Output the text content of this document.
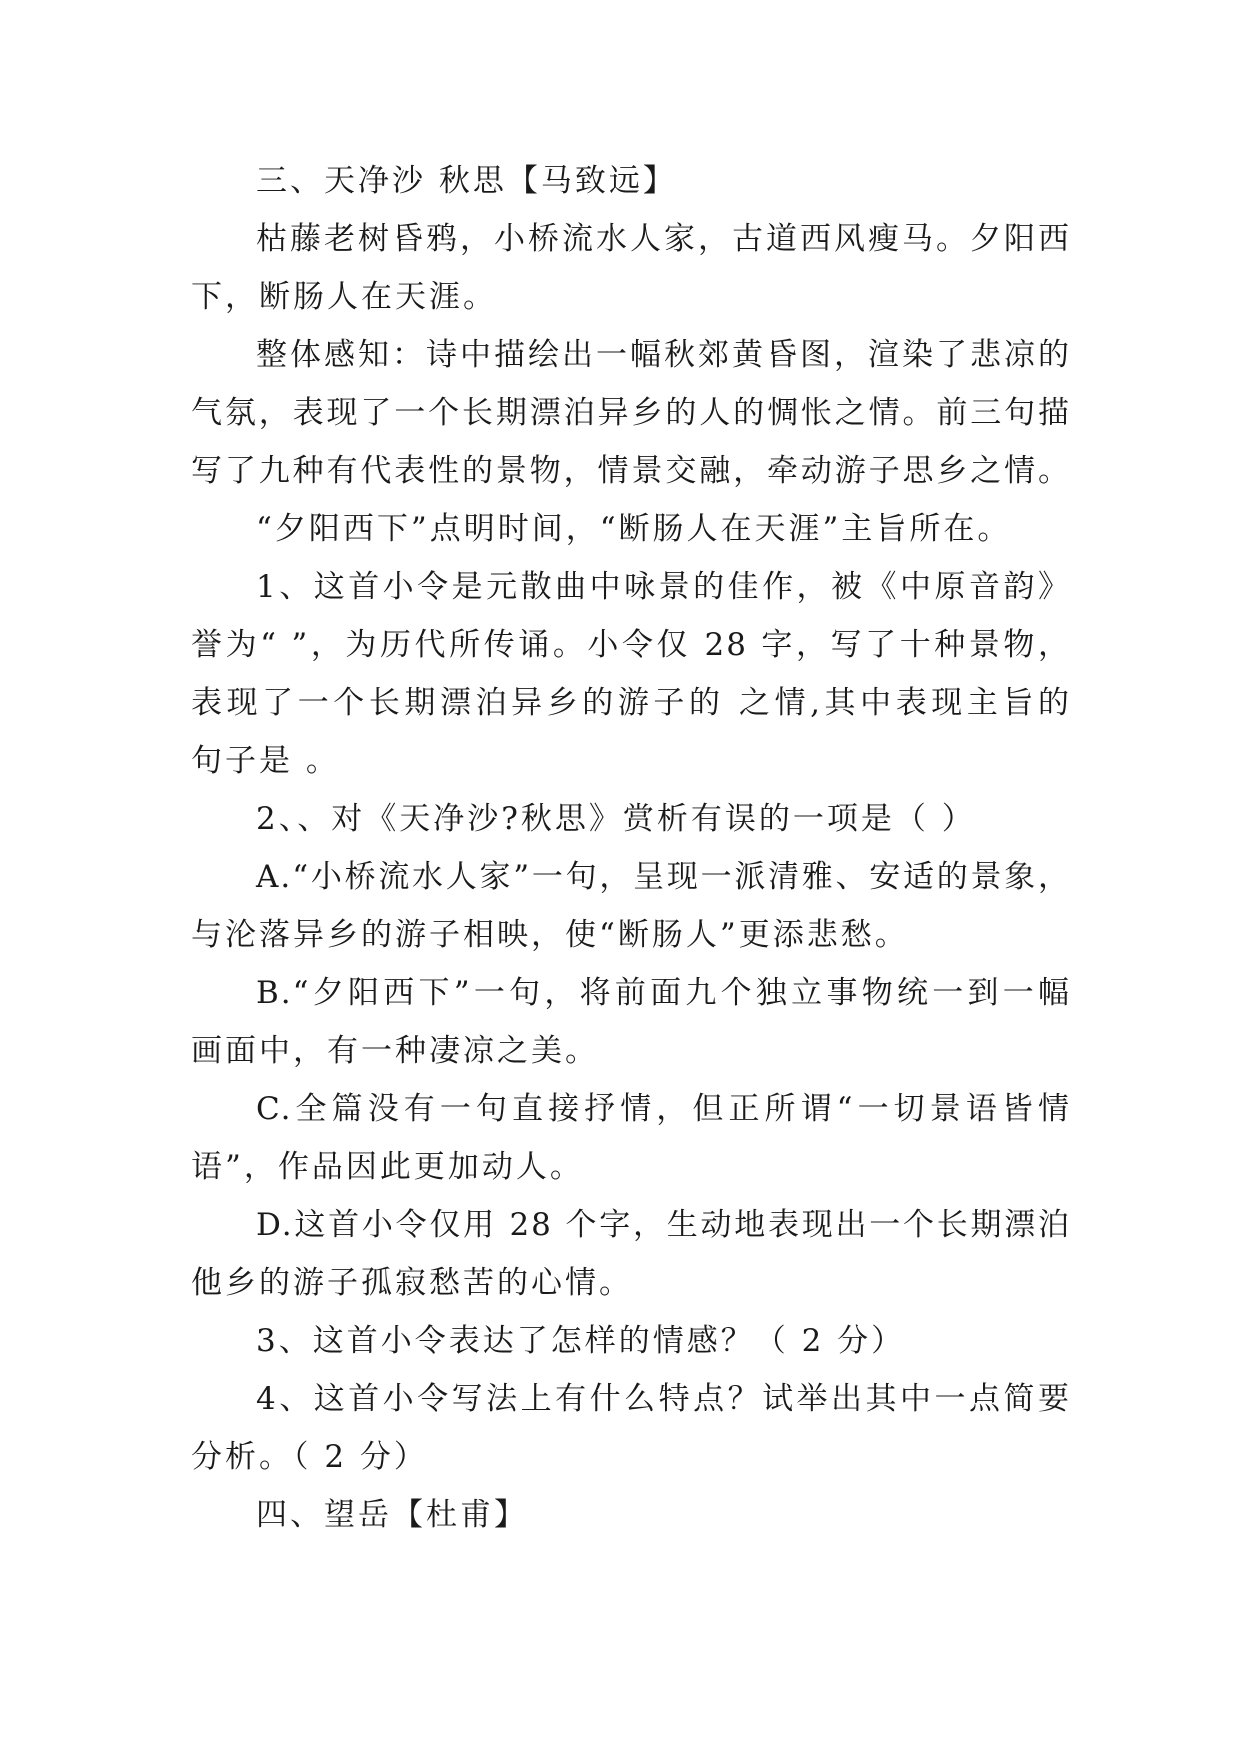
三、天净沙 秋思【马致远】
枯藤老树昏鸦，小桥流水人家，古道西风瘦马。夕阳西
下，断肠人在天涯。
整体感知：诗中描绘出一幅秋郊黄昏图，渲染了悲凉的
气氛，表现了一个长期漂泊异乡的人的惆怅之情。前三句描
写了九种有代表性的景物，情景交融，牵动游子思乡之情。
“夕阳西下”点明时间，“断肠人在天涯”主旨所在。
1、这首小令是元散曲中咏景的佳作，被《中原音韵》
誉为“ ”，为历代所传诵。小令仅 28 字，写了十种景物，
表现了一个长期漂泊异乡的游子的 之情,其中表现主旨的
句子是 。
2、、对《天净沙?秋思》赏析有误的一项是（ ）
A.“小桥流水人家”一句，呈现一派清雅、安适的景象，
与沦落异乡的游子相映，使“断肠人”更添悲愁。
B.“夕阳西下”一句，将前面九个独立事物统一到一幅
画面中，有一种凄凉之美。
C.全篇没有一句直接抒情，但正所谓“一切景语皆情
语”，作品因此更加动人。
D.这首小令仅用 28 个字，生动地表现出一个长期漂泊
他乡的游子孤寂愁苦的心情。
3、这首小令表达了怎样的情感？（ 2 分）
4、这首小令写法上有什么特点？试举出其中一点简要
分析。（ 2 分）
四、望岳【杜甫】
